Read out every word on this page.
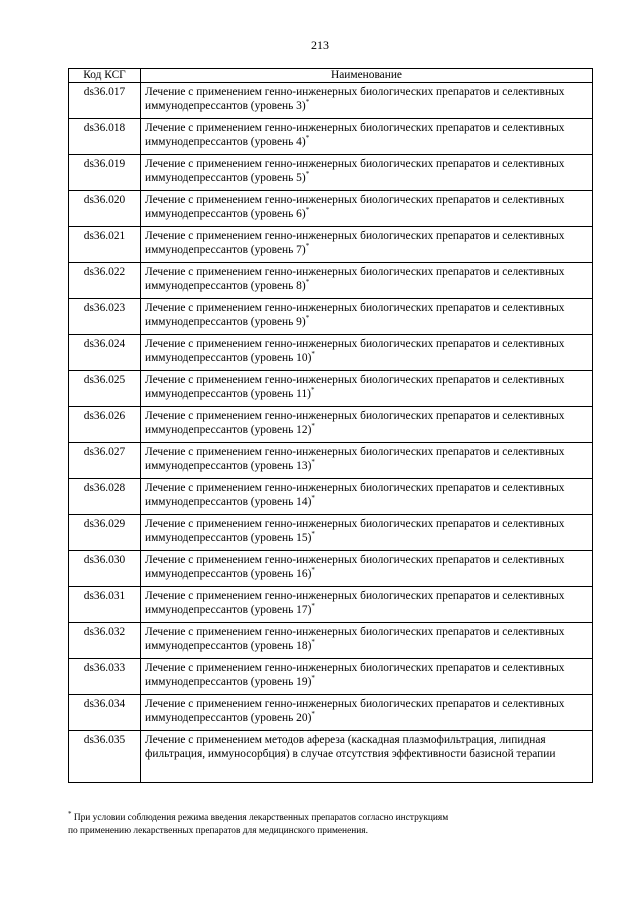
213
Код КСГ	Наименование
ds36.017	Лечение с применением генно-инженерных биологических препаратов и селективных иммунодепрессантов (уровень 3)*
ds36.018	Лечение с применением генно-инженерных биологических препаратов и селективных иммунодепрессантов (уровень 4)*
ds36.019	Лечение с применением генно-инженерных биологических препаратов и селективных иммунодепрессантов (уровень 5)*
ds36.020	Лечение с применением генно-инженерных биологических препаратов и селективных иммунодепрессантов (уровень 6)*
ds36.021	Лечение с применением генно-инженерных биологических препаратов и селективных иммунодепрессантов (уровень 7)*
ds36.022	Лечение с применением генно-инженерных биологических препаратов и селективных иммунодепрессантов (уровень 8)*
ds36.023	Лечение с применением генно-инженерных биологических препаратов и селективных иммунодепрессантов (уровень 9)*
ds36.024	Лечение с применением генно-инженерных биологических препаратов и селективных иммунодепрессантов (уровень 10)*
ds36.025	Лечение с применением генно-инженерных биологических препаратов и селективных иммунодепрессантов (уровень 11)*
ds36.026	Лечение с применением генно-инженерных биологических препаратов и селективных иммунодепрессантов (уровень 12)*
ds36.027	Лечение с применением генно-инженерных биологических препаратов и селективных иммунодепрессантов (уровень 13)*
ds36.028	Лечение с применением генно-инженерных биологических препаратов и селективных иммунодепрессантов (уровень 14)*
ds36.029	Лечение с применением генно-инженерных биологических препаратов и селективных иммунодепрессантов (уровень 15)*
ds36.030	Лечение с применением генно-инженерных биологических препаратов и селективных иммунодепрессантов (уровень 16)*
ds36.031	Лечение с применением генно-инженерных биологических препаратов и селективных иммунодепрессантов (уровень 17)*
ds36.032	Лечение с применением генно-инженерных биологических препаратов и селективных иммунодепрессантов (уровень 18)*
ds36.033	Лечение с применением генно-инженерных биологических препаратов и селективных иммунодепрессантов (уровень 19)*
ds36.034	Лечение с применением генно-инженерных биологических препаратов и селективных иммунодепрессантов (уровень 20)*
ds36.035	Лечение с применением методов афереза (каскадная плазмофильтрация, липидная фильтрация, иммуносорбция) в случае отсутствия эффективности базисной терапии
* При условии соблюдения режима введения лекарственных препаратов согласно инструкциям
по применению лекарственных препаратов для медицинского применения.
